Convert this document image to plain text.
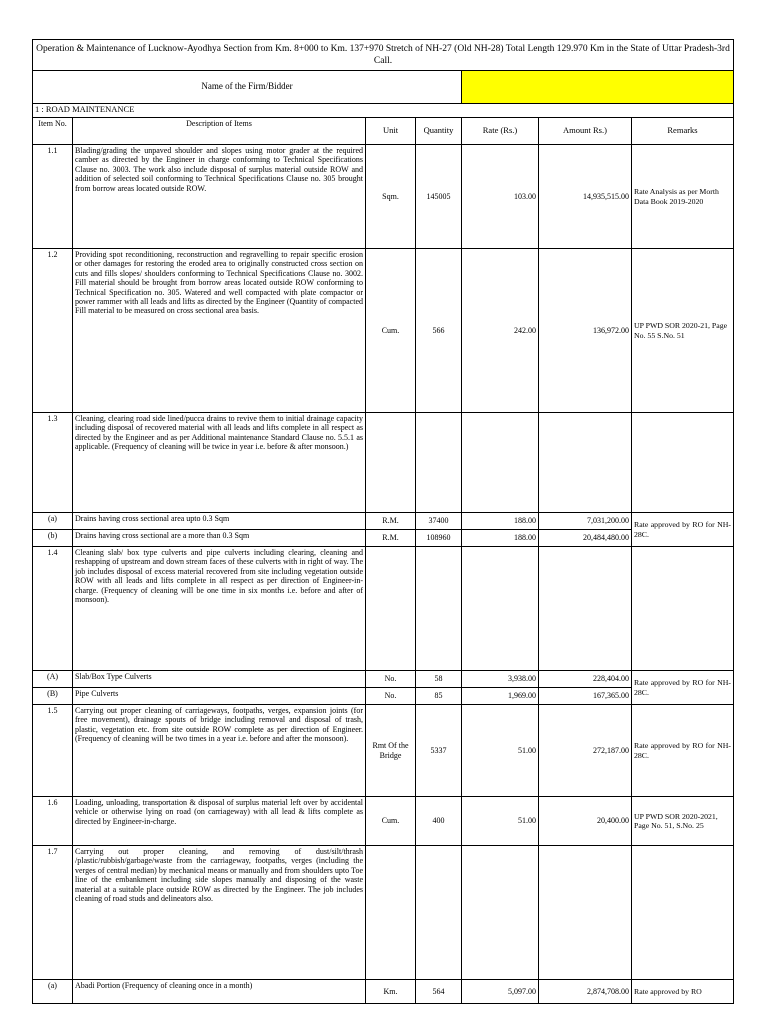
Operation & Maintenance of Lucknow-Ayodhya Section from Km. 8+000 to Km. 137+970 Stretch of NH-27 (Old NH-28) Total Length 129.970 Km in the State of Uttar Pradesh-3rd Call.						
Name of the Firm/Bidder						
1 : ROAD MAINTENANCE						
Item No.	Description of Items	Unit	Quantity	Rate (Rs.)	Amount Rs.)	Remarks
1.1	Blading/grading the unpaved shoulder and slopes using motor grader at the required camber as directed by the Engineer in charge conforming to Technical Specifications Clause no. 3003. The work also include disposal of surplus material outside ROW and addition of selected soil conforming to Technical Specifications Clause no. 305 brought from borrow areas located outside ROW.	Sqm.	145005	103.00	14,935,515.00	Rate Analysis as per Morth Data Book 2019-2020
1.2	Providing spot reconditioning, reconstruction and regravelling to repair specific erosion or other damages for restoring the eroded area to originally constructed cross section on cuts and fills slopes/ shoulders conforming to Technical Specifications Clause no. 3002. Fill material should be brought from borrow areas located outside ROW conforming to Technical Specification no. 305. Watered and well compacted with plate compactor or power rammer with all leads and lifts as directed by the Engineer (Quantity of compacted Fill material to be measured on cross sectional area basis.	Cum.	566	242.00	136,972.00	UP PWD SOR 2020-21, Page No. 55 S.No. 51
1.3	Cleaning, clearing road side lined/pucca drains to revive them to initial drainage capacity including disposal of recovered material with all leads and lifts complete in all respect as directed by the Engineer and as per Additional maintenance Standard Clause no. 5.5.1 as applicable. (Frequency of cleaning will be twice in year i.e. before & after monsoon.)					
(a)	Drains having cross sectional area upto 0.3 Sqm	R.M.	37400	188.00	7,031,200.00	Rate approved by RO for NH-28C.
(b)	Drains having cross sectional are a more than 0.3 Sqm	R.M.	108960	188.00	20,484,480.00	
1.4	Cleaning slab/ box type culverts and pipe culverts including clearing, cleaning and reshapping of upstream and down stream faces of these culverts with in right of way. The job includes disposal of excess material recovered from site including vegetation outside ROW with all leads and lifts complete in all respect as per direction of Engineer-in-charge. (Frequency of cleaning will be one time in six months i.e. before and after of monsoon).					
(A)	Slab/Box Type Culverts	No.	58	3,938.00	228,404.00	Rate approved by RO for NH-28C.
(B)	Pipe Culverts	No.	85	1,969.00	167,365.00	
1.5	Carrying out proper cleaning of carriageways, footpaths, verges, expansion joints (for free movement), drainage spouts of bridge including removal and disposal of trash, plastic, vegetation etc. from site outside ROW complete as per direction of Engineer. (Frequency of cleaning will be two times in a year i.e. before and after the monsoon).	Rmt Of the Bridge	5337	51.00	272,187.00	Rate approved by RO for NH-28C.
1.6	Loading, unloading, transportation & disposal of surplus material left over by accidental vehicle or otherwise lying on road (on carriageway) with all lead & lifts complete as directed by Engineer-in-charge.	Cum.	400	51.00	20,400.00	UP PWD SOR 2020-2021, Page No. 51, S.No. 25
1.7	Carrying out proper cleaning, and removing of dust/silt/thrash /plastic/rubbish/garbage/waste from the carriageway, footpaths, verges (including the verges of central median) by mechanical means or manually and from shoulders upto Toe line of the embankment including side slopes manually and disposing of the waste material at a suitable place outside ROW as directed by the Engineer. The job includes cleaning of road studs and delineators also.					
(a)	Abadi Portion (Frequency of cleaning once in a month)	Km.	564	5,097.00	2,874,708.00	Rate approved by RO
